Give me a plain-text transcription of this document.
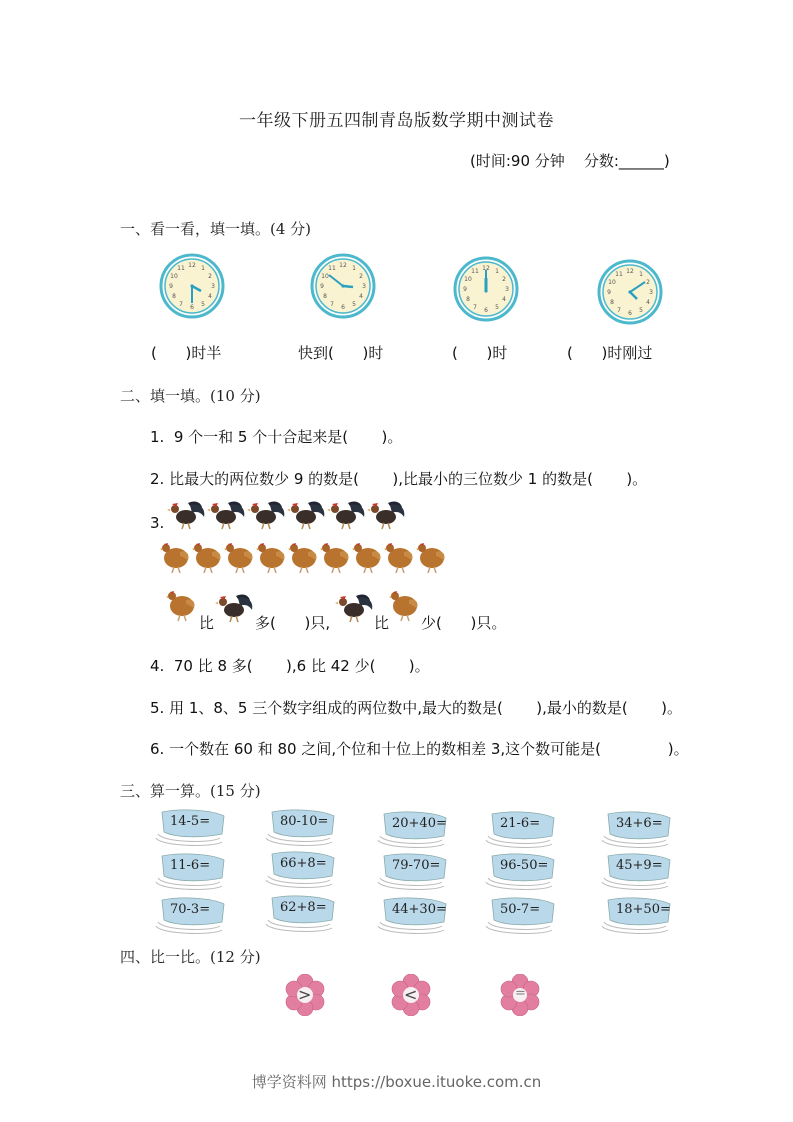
一年级下册五四制青岛版数学期中测试卷
(时间:90 分钟    分数:______)
一、看一看，填一填。(4 分)
12 1
2
3
4
5
6
7
8
9
10
11	12 1
2
3
4
5
6
7
8
9
10
11	12 1
2
3
4
5
6
7
8
9
10
11	12 1
2
3
4
5
6
7
8
9
10
11
(      )时半	快到(      )时	(      )时	(      )时刚过
二、填一填。(10 分)
1.  9 个一和 5 个十合起来是(       )。
2. 比最大的两位数少 9 的数是(       ),比最小的三位数少 1 的数是(       )。
3.
比	多(      )只,	比 少(      )只。
4.  70 比 8 多(       ),6 比 42 少(       )。
5. 用 1、8、5 三个数字组成的两位数中,最大的数是(       ),最小的数是(       )。
6. 一个数在 60 和 80 之间,个位和十位上的数相差 3,这个数可能是(              )。
三、算一算。(15 分)
14-5=	80-10=	20+40=	21-6=	34+6=
11-6=	66+8=	79-70=	96-50=	45+9=
70-3=	62+8=	44+30=	50-7=	18+50=
四、比一比。(12 分)
>	<	=
博学资料网 https://boxue.ituoke.com.cn
